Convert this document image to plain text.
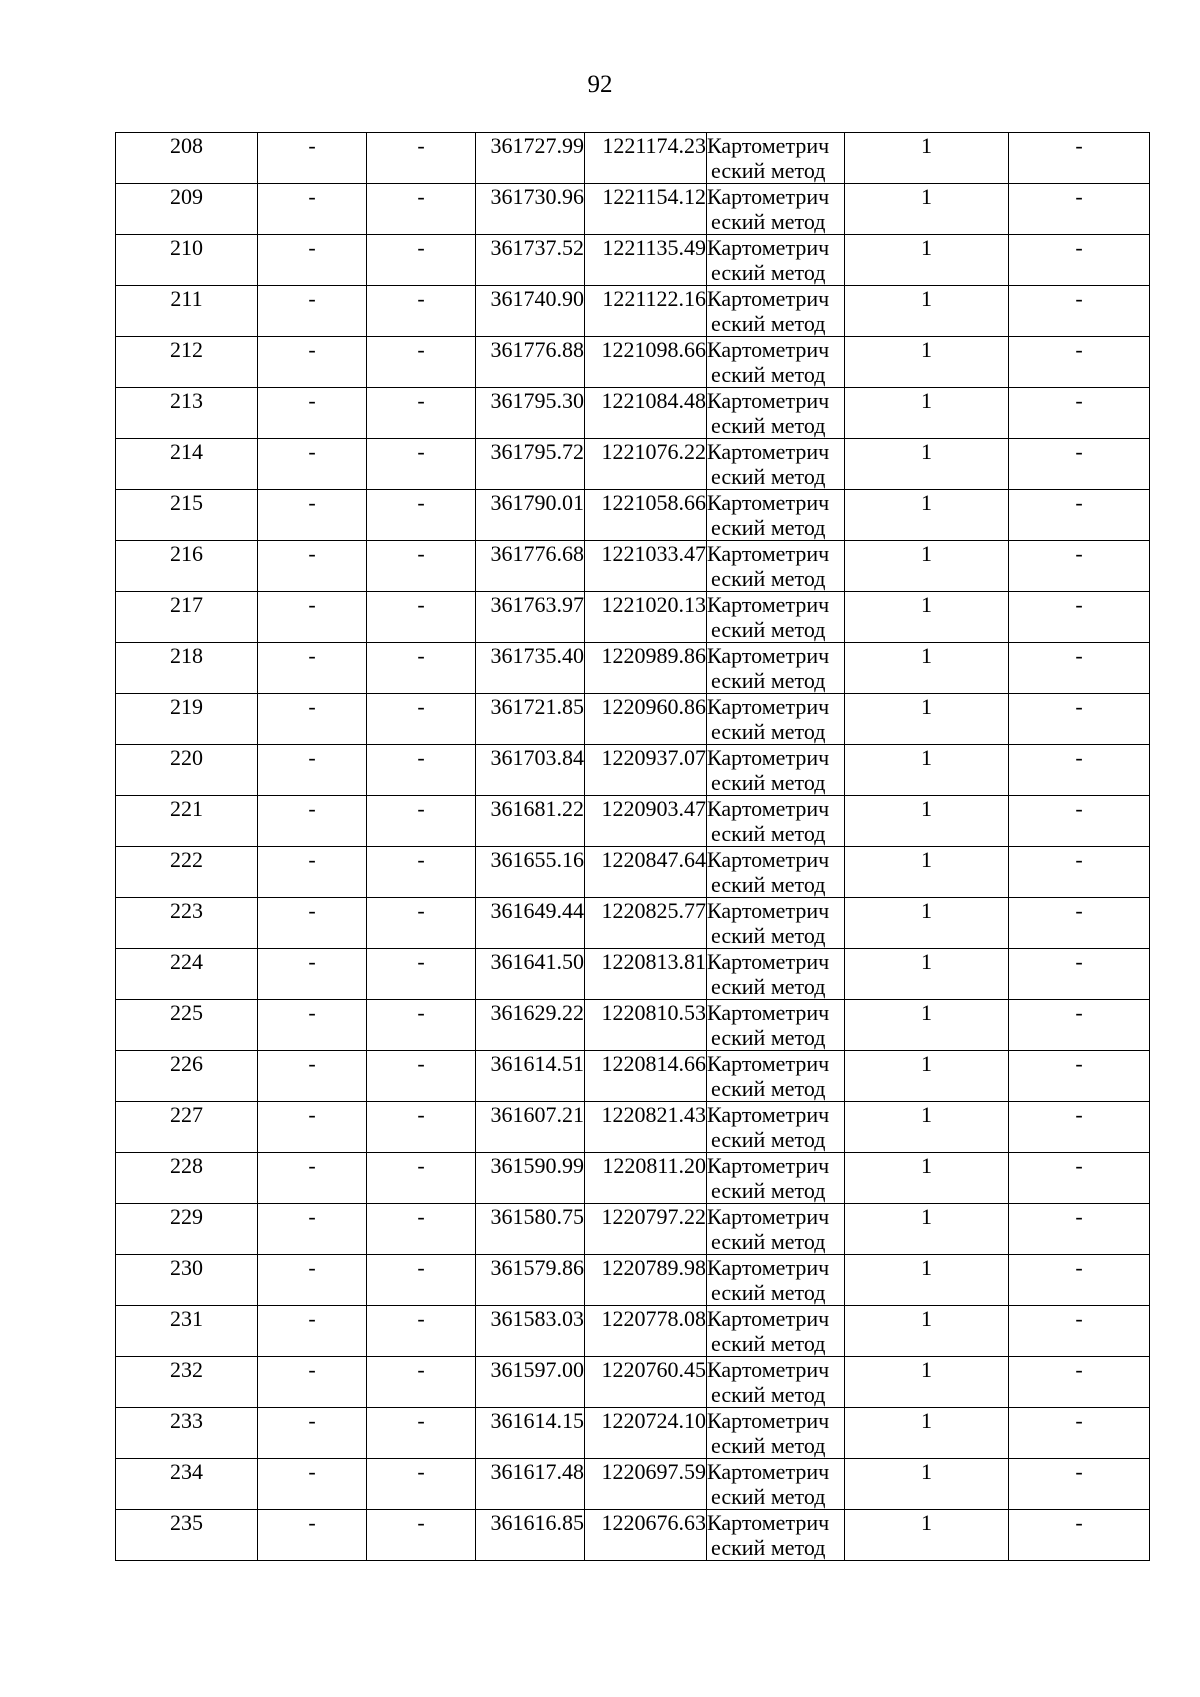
92
208	-	-	361727.99	1221174.23	Картометрич
еский метод	1	-
209	-	-	361730.96	1221154.12	Картометрич
еский метод	1	-
210	-	-	361737.52	1221135.49	Картометрич
еский метод	1	-
211	-	-	361740.90	1221122.16	Картометрич
еский метод	1	-
212	-	-	361776.88	1221098.66	Картометрич
еский метод	1	-
213	-	-	361795.30	1221084.48	Картометрич
еский метод	1	-
214	-	-	361795.72	1221076.22	Картометрич
еский метод	1	-
215	-	-	361790.01	1221058.66	Картометрич
еский метод	1	-
216	-	-	361776.68	1221033.47	Картометрич
еский метод	1	-
217	-	-	361763.97	1221020.13	Картометрич
еский метод	1	-
218	-	-	361735.40	1220989.86	Картометрич
еский метод	1	-
219	-	-	361721.85	1220960.86	Картометрич
еский метод	1	-
220	-	-	361703.84	1220937.07	Картометрич
еский метод	1	-
221	-	-	361681.22	1220903.47	Картометрич
еский метод	1	-
222	-	-	361655.16	1220847.64	Картометрич
еский метод	1	-
223	-	-	361649.44	1220825.77	Картометрич
еский метод	1	-
224	-	-	361641.50	1220813.81	Картометрич
еский метод	1	-
225	-	-	361629.22	1220810.53	Картометрич
еский метод	1	-
226	-	-	361614.51	1220814.66	Картометрич
еский метод	1	-
227	-	-	361607.21	1220821.43	Картометрич
еский метод	1	-
228	-	-	361590.99	1220811.20	Картометрич
еский метод	1	-
229	-	-	361580.75	1220797.22	Картометрич
еский метод	1	-
230	-	-	361579.86	1220789.98	Картометрич
еский метод	1	-
231	-	-	361583.03	1220778.08	Картометрич
еский метод	1	-
232	-	-	361597.00	1220760.45	Картометрич
еский метод	1	-
233	-	-	361614.15	1220724.10	Картометрич
еский метод	1	-
234	-	-	361617.48	1220697.59	Картометрич
еский метод	1	-
235	-	-	361616.85	1220676.63	Картометрич
еский метод	1	-
